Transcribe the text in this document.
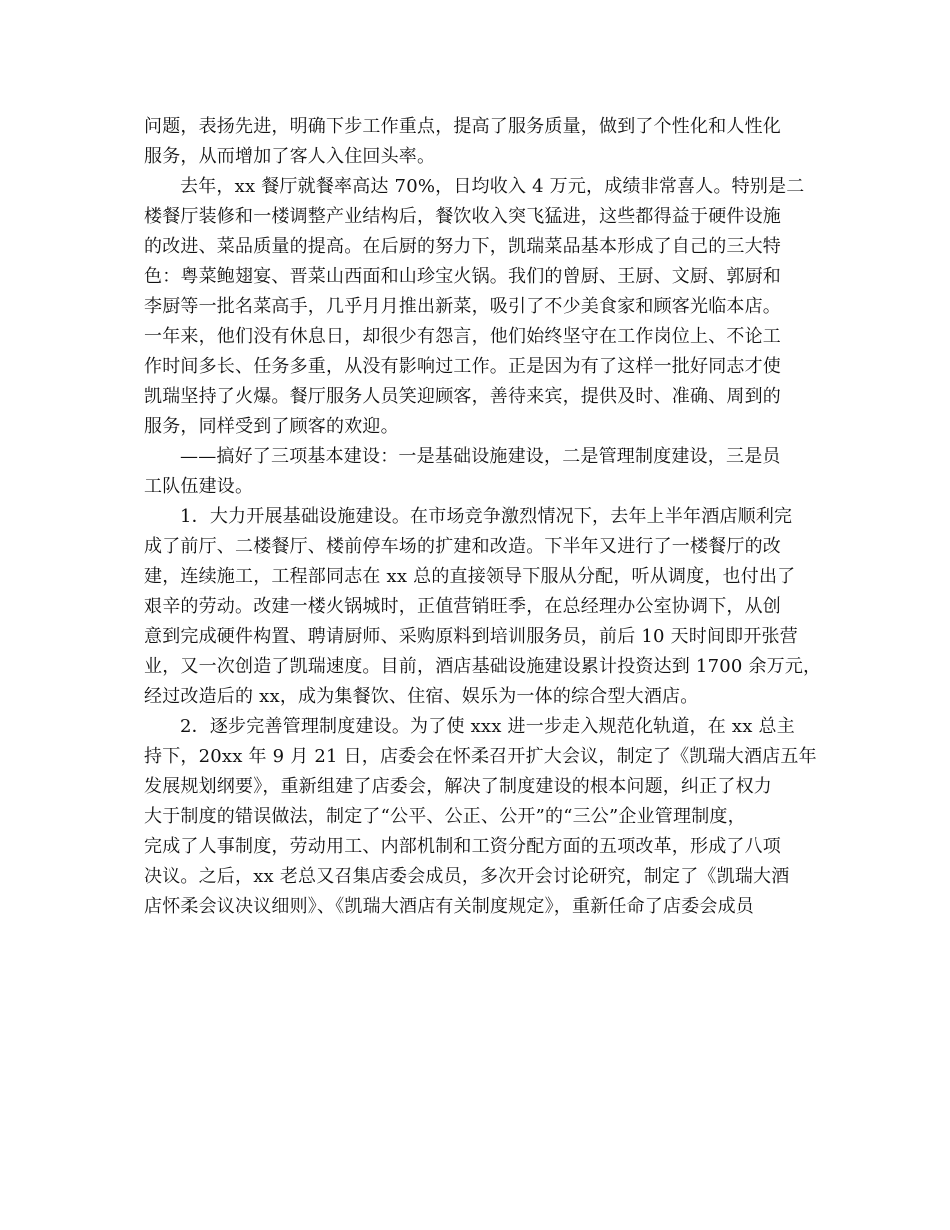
问题，表扬先进，明确下步工作重点，提高了服务质量，做到了个性化和人性化
服务，从而增加了客人入住回头率。
去年，xx 餐厅就餐率高达 70%，日均收入 4 万元，成绩非常喜人。特别是二
楼餐厅装修和一楼调整产业结构后，餐饮收入突飞猛进，这些都得益于硬件设施
的改进、菜品质量的提高。在后厨的努力下，凯瑞菜品基本形成了自己的三大特
色：粤菜鲍翅宴、晋菜山西面和山珍宝火锅。我们的曾厨、王厨、文厨、郭厨和
李厨等一批名菜高手，几乎月月推出新菜，吸引了不少美食家和顾客光临本店。
一年来，他们没有休息日，却很少有怨言，他们始终坚守在工作岗位上、不论工
作时间多长、任务多重，从没有影响过工作。正是因为有了这样一批好同志才使
凯瑞坚持了火爆。餐厅服务人员笑迎顾客，善待来宾，提供及时、准确、周到的
服务，同样受到了顾客的欢迎。
——搞好了三项基本建设：一是基础设施建设，二是管理制度建设，三是员
工队伍建设。
1．大力开展基础设施建设。在市场竞争激烈情况下，去年上半年酒店顺利完
成了前厅、二楼餐厅、楼前停车场的扩建和改造。下半年又进行了一楼餐厅的改
建，连续施工，工程部同志在 xx 总的直接领导下服从分配，听从调度，也付出了
艰辛的劳动。改建一楼火锅城时，正值营销旺季，在总经理办公室协调下，从创
意到完成硬件构置、聘请厨师、采购原料到培训服务员，前后 10 天时间即开张营
业，又一次创造了凯瑞速度。目前，酒店基础设施建设累计投资达到 1700 余万元，
经过改造后的 xx，成为集餐饮、住宿、娱乐为一体的综合型大酒店。
2．逐步完善管理制度建设。为了使 xxx 进一步走入规范化轨道，在 xx 总主
持下，20xx 年 9 月 21 日，店委会在怀柔召开扩大会议，制定了《凯瑞大酒店五年
发展规划纲要》，重新组建了店委会，解决了制度建设的根本问题，纠正了权力
大于制度的错误做法，制定了“公平、公正、公开”的“三公”企业管理制度，
完成了人事制度，劳动用工、内部机制和工资分配方面的五项改革，形成了八项
决议。之后，xx 老总又召集店委会成员，多次开会讨论研究，制定了《凯瑞大酒
店怀柔会议决议细则》、《凯瑞大酒店有关制度规定》，重新任命了店委会成员
